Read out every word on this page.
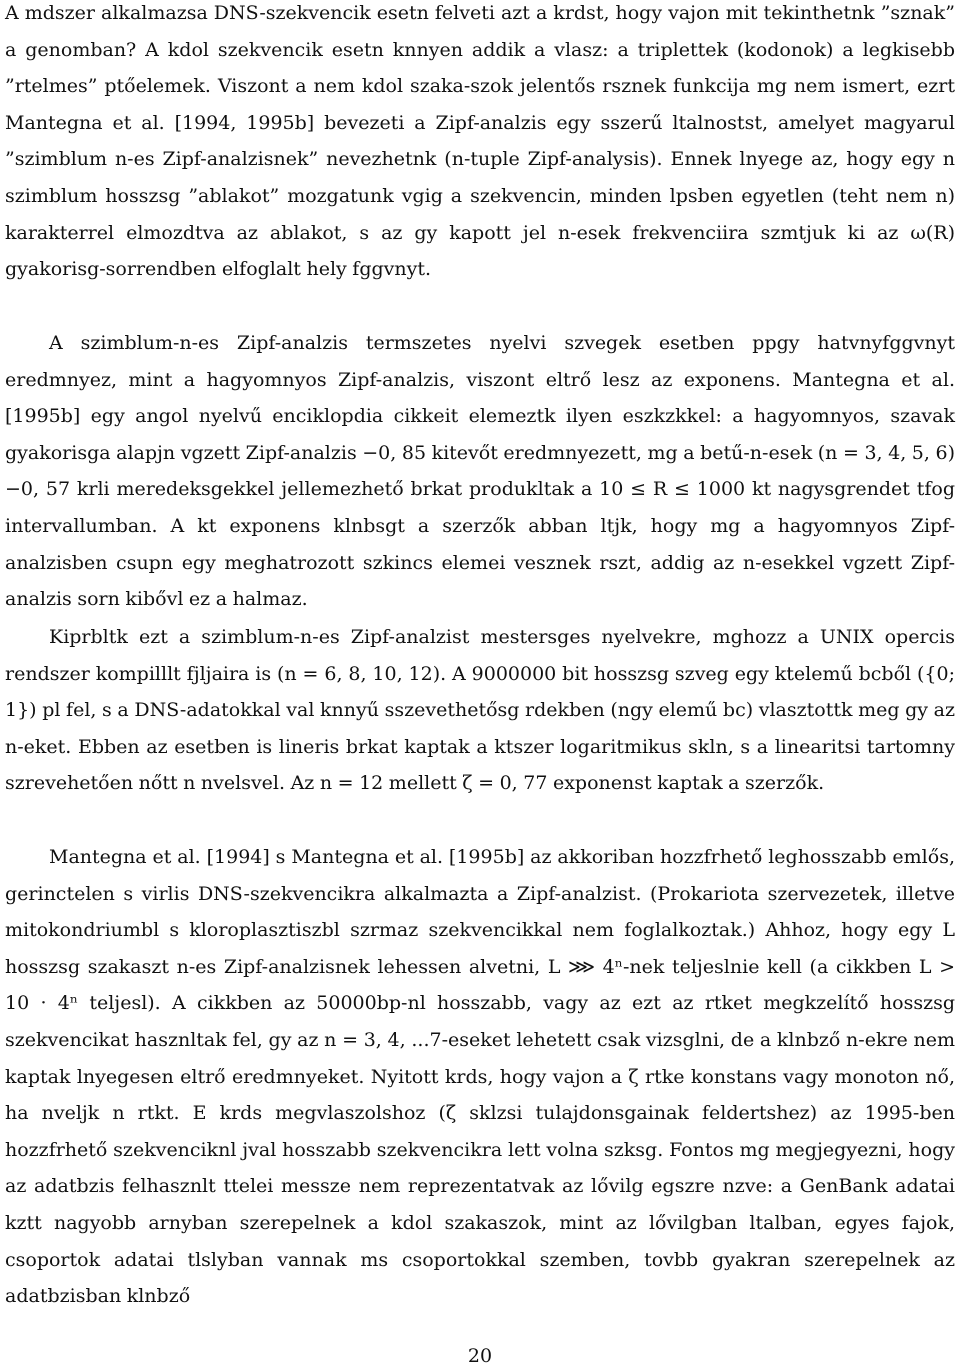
A mdszer alkalmazsa DNS-szekvencik esetn felveti azt a krdst, hogy vajon mit tekinthetnk ”sznak” a genomban? A kdol szekvencik esetn knnyen addik a vlasz: a triplettek (kodonok) a legkisebb ”rtelmes” ptőelemek. Viszont a nem kdol szaka-szok jelentős rsznek funkcija mg nem ismert, ezrt Mantegna et al. [1994, 1995b] bevezeti a Zipf-analzis egy sszerű ltalnostst, amelyet magyarul ”szimblum n-es Zipf-analzisnek” nevezhetnk (n-tuple Zipf-analysis). Ennek lnyege az, hogy egy n szimblum hosszsg ”ablakot” mozgatunk vgig a szekvencin, minden lpsben egyetlen (teht nem n) karakterrel elmozdtva az ablakot, s az gy kapott jel n-esek frekvenciira szmtjuk ki az ω(R) gyakorisg-sorrendben elfoglalt hely fggvnyt.

A szimblum-n-es Zipf-analzis termszetes nyelvi szvegek esetben ppgy hatvnyfggvnyt eredmnyez, mint a hagyomnyos Zipf-analzis, viszont eltrő lesz az exponens. Mantegna et al. [1995b] egy angol nyelvű enciklopdia cikkeit elemeztk ilyen eszkzkkel: a hagyomnyos, szavak gyakorisga alapjn vgzett Zipf-analzis −0, 85 kitevőt eredmnyezett, mg a betű-n-esek (n = 3, 4, 5, 6) −0, 57 krli meredeksgekkel jellemezhető brkat produkltak a 10 ≤ R ≤ 1000 kt nagysgrendet tfog intervallumban. A kt exponens klnbsgt a szerzők abban ltjk, hogy mg a hagyomnyos Zipf-analzisben csupn egy meghatrozott szkincs elemei vesznek rszt, addig az n-esekkel vgzett Zipf-analzis sorn kibővl ez a halmaz.

Kiprbltk ezt a szimblum-n-es Zipf-analzist mestersges nyelvekre, mghozz a UNIX opercis rendszer kompilllt fjljaira is (n = 6, 8, 10, 12). A 9000000 bit hosszsg szveg egy ktelemű bcből ({0; 1}) pl fel, s a DNS-adatokkal val knnyű sszevethetősg rdekben (ngy elemű bc) vlasztottk meg gy az n-eket. Ebben az esetben is lineris brkat kaptak a ktszer logaritmikus skln, s a linearitsi tartomny szrevehetően nőtt n nvelsvel. Az n = 12 mellett ζ = 0, 77 exponenst kaptak a szerzők.

Mantegna et al. [1994] s Mantegna et al. [1995b] az akkoriban hozzfrhető leghosszabb emlős, gerinctelen s virlis DNS-szekvencikra alkalmazta a Zipf-analzist. (Prokariota szervezetek, illetve mitokondriumbl s kloroplasztiszbl szrmaz szekvencikkal nem foglalkoztak.) Ahhoz, hogy egy L hosszsg szakaszt n-es Zipf-analzisnek lehessen alvetni, L ⋙ 4ⁿ-nek teljeslnie kell (a cikkben L > 10 · 4ⁿ teljesl). A cikkben az 50000bp-nl hosszabb, vagy az ezt az rtket megkzelítő hosszsg szekvencikat hasznltak fel, gy az n = 3, 4, ...7-eseket lehetett csak vizsglni, de a klnbző n-ekre nem kaptak lnyegesen eltrő eredmnyeket. Nyitott krds, hogy vajon a ζ rtke konstans vagy monoton nő, ha nveljk n rtkt. E krds megvlaszolshoz (ζ sklzsi tulajdonsgainak feldertshez) az 1995-ben hozzfrhető szekvenciknl jval hosszabb szekvencikra lett volna szksg. Fontos mg megjegyezni, hogy az adatbzis felhasznlt ttelei messze nem reprezentatvak az lővilg egszre nzve: a GenBank adatai kztt nagyobb arnyban szerepelnek a kdol szakaszok, mint az lővilgban ltalban, egyes fajok, csoportok adatai tlslyban vannak ms csoportokkal szemben, tovbb gyakran szerepelnek az adatbzisban klnbző

20
